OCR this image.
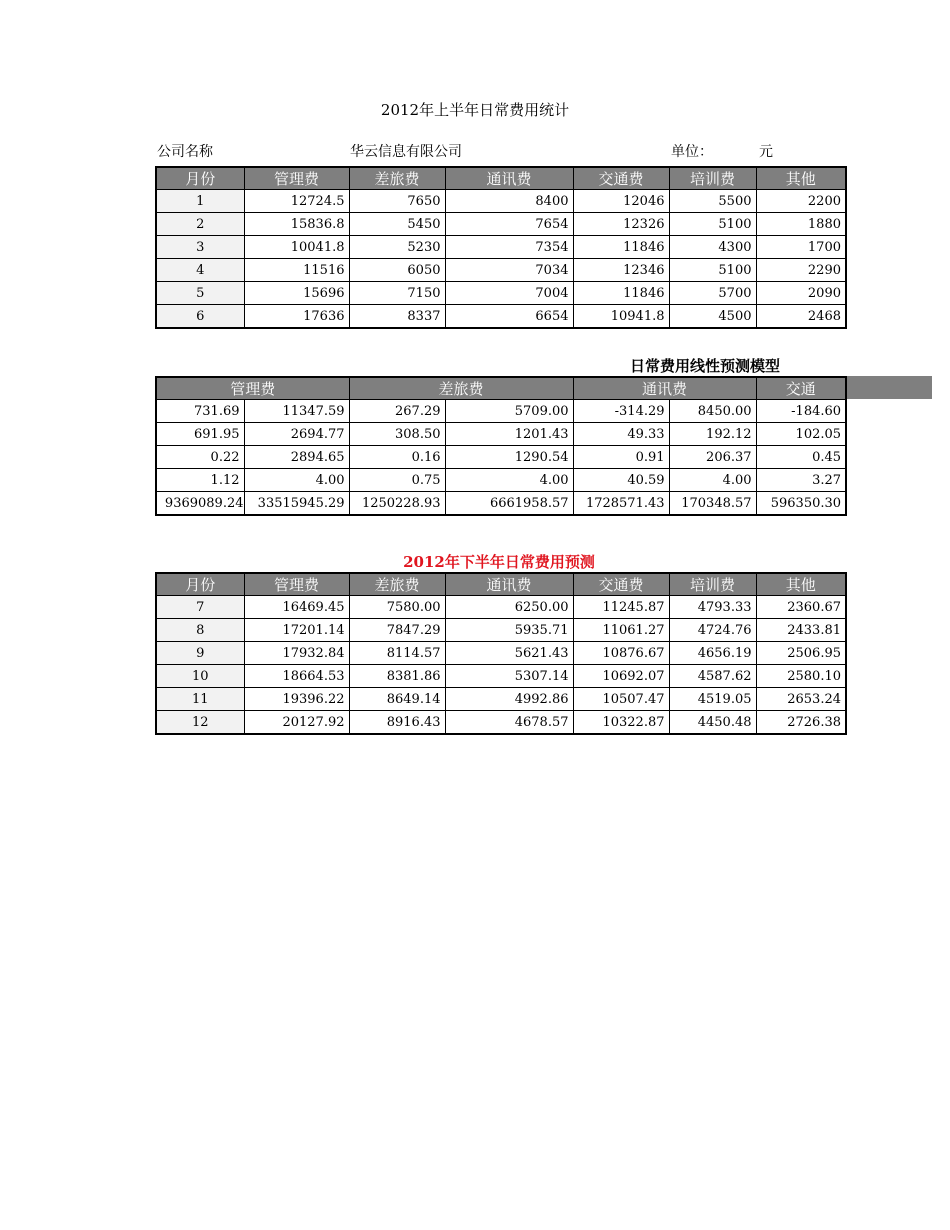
2012年上半年日常费用统计
公司名称	华云信息有限公司	单位：	元
月份	管理费	差旅费	通讯费	交通费	培训费	其他
1	12724.5	7650	8400	12046	5500	2200
2	15836.8	5450	7654	12326	5100	1880
3	10041.8	5230	7354	11846	4300	1700
4	11516	6050	7034	12346	5100	2290
5	15696	7150	7004	11846	5700	2090
6	17636	8337	6654	10941.8	4500	2468
日常费用线性预测模型
管理费		差旅费		通讯费		交通
731.69	11347.59	267.29	5709.00	-314.29	8450.00	-184.60
691.95	2694.77	308.50	1201.43	49.33	192.12	102.05
0.22	2894.65	0.16	1290.54	0.91	206.37	0.45
1.12	4.00	0.75	4.00	40.59	4.00	3.27
9369089.24	33515945.29	1250228.93	6661958.57	1728571.43	170348.57	596350.30
2012年下半年日常费用预测
月份	管理费	差旅费	通讯费	交通费	培训费	其他
7	16469.45	7580.00	6250.00	11245.87	4793.33	2360.67
8	17201.14	7847.29	5935.71	11061.27	4724.76	2433.81
9	17932.84	8114.57	5621.43	10876.67	4656.19	2506.95
10	18664.53	8381.86	5307.14	10692.07	4587.62	2580.10
11	19396.22	8649.14	4992.86	10507.47	4519.05	2653.24
12	20127.92	8916.43	4678.57	10322.87	4450.48	2726.38
